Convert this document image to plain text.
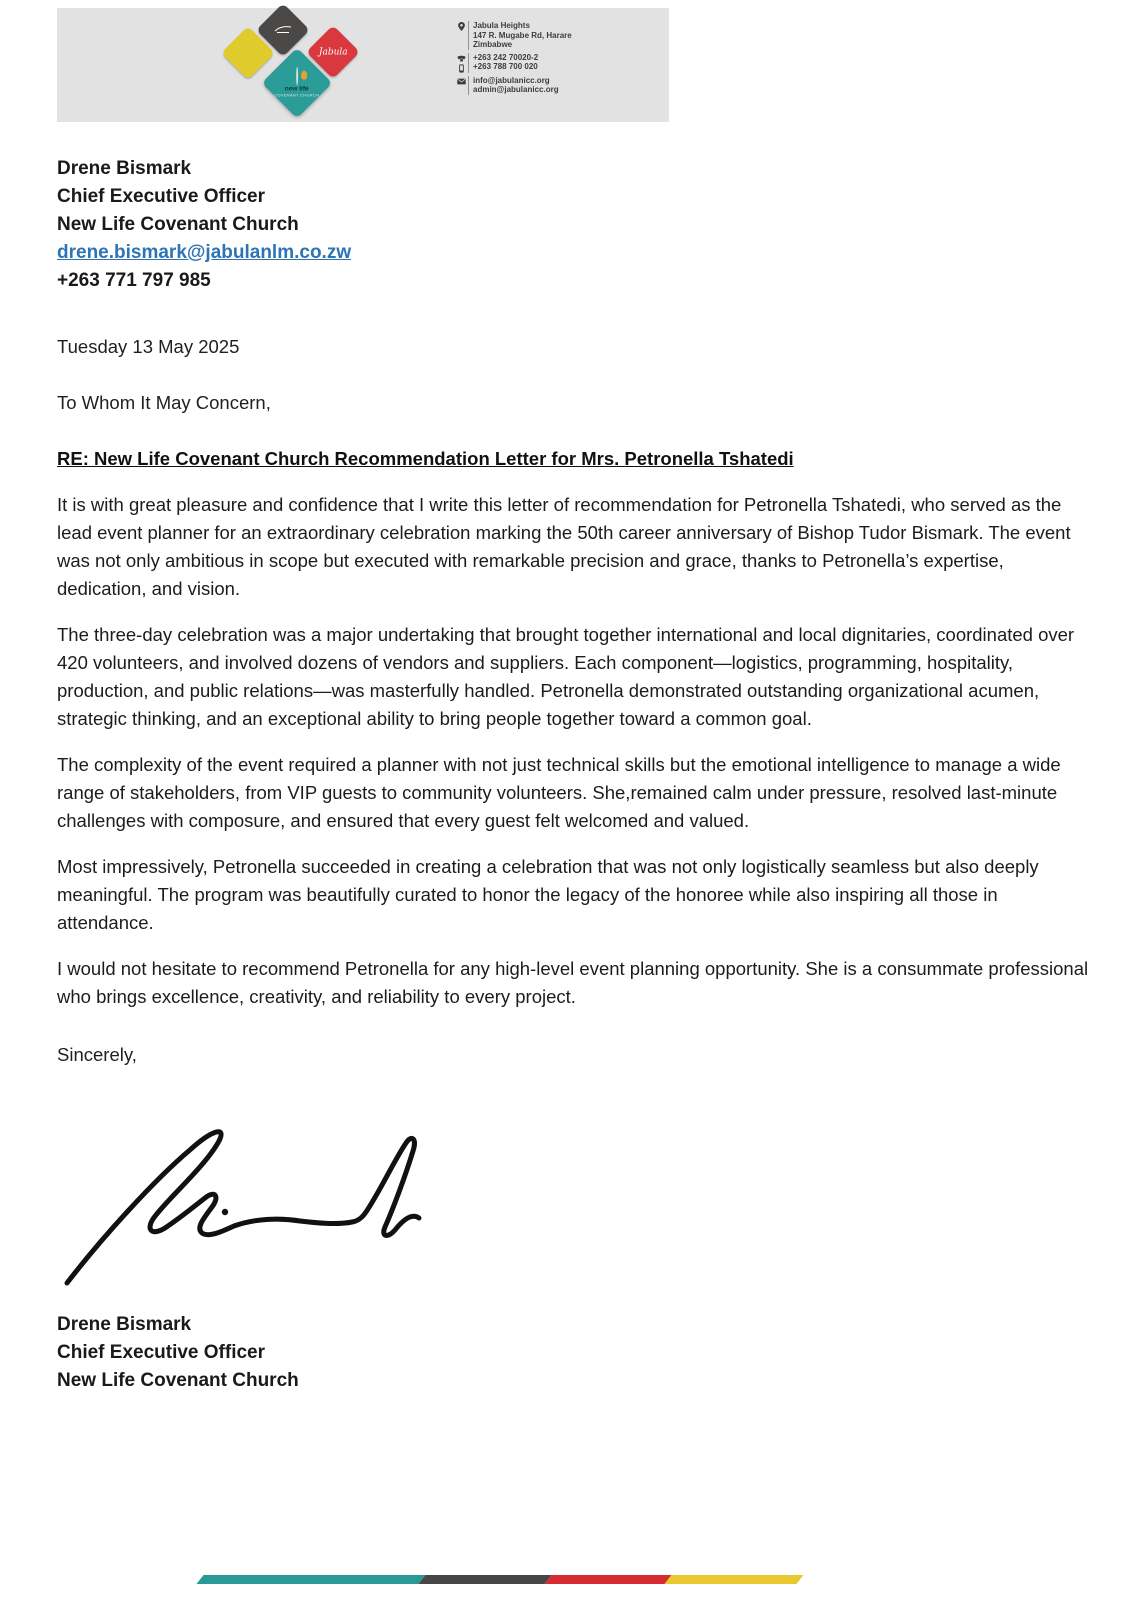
Jabula
new life
COVENANT CHURCH
Jabula Heights
147 R. Mugabe Rd, Harare
Zimbabwe
+263 242 70020-2
+263 788 700 020
info@jabulanicc.org
admin@jabulanicc.org
Drene Bismark
Chief Executive Officer
New Life Covenant Church
drene.bismark@jabulanlm.co.zw
+263 771 797 985
Tuesday 13 May 2025
To Whom It May Concern,
RE: New Life Covenant Church Recommendation Letter for Mrs. Petronella Tshatedi

It is with great pleasure and confidence that I write this letter of recommendation for Petronella Tshatedi, who served as the lead event planner for an extraordinary celebration marking the 50th career anniversary of Bishop Tudor Bismark. The event was not only ambitious in scope but executed with remarkable precision and grace, thanks to Petronella’s expertise, dedication, and vision.

The three-day celebration was a major undertaking that brought together international and local dignitaries, coordinated over 420 volunteers, and involved dozens of vendors and suppliers. Each component—logistics, programming, hospitality, production, and public relations—was masterfully handled. Petronella demonstrated outstanding organizational acumen, strategic thinking, and an exceptional ability to bring people together toward a common goal.

The complexity of the event required a planner with not just technical skills but the emotional intelligence to manage a wide range of stakeholders, from VIP guests to community volunteers. She,remained calm under pressure, resolved last-minute challenges with composure, and ensured that every guest felt welcomed and valued.

Most impressively, Petronella succeeded in creating a celebration that was not only logistically seamless but also deeply meaningful. The program was beautifully curated to honor the legacy of the honoree while also inspiring all those in attendance.

I would not hesitate to recommend Petronella for any high-level event planning opportunity. She is a consummate professional who brings excellence, creativity, and reliability to every project.

Sincerely,
Drene Bismark
Chief Executive Officer
New Life Covenant Church
